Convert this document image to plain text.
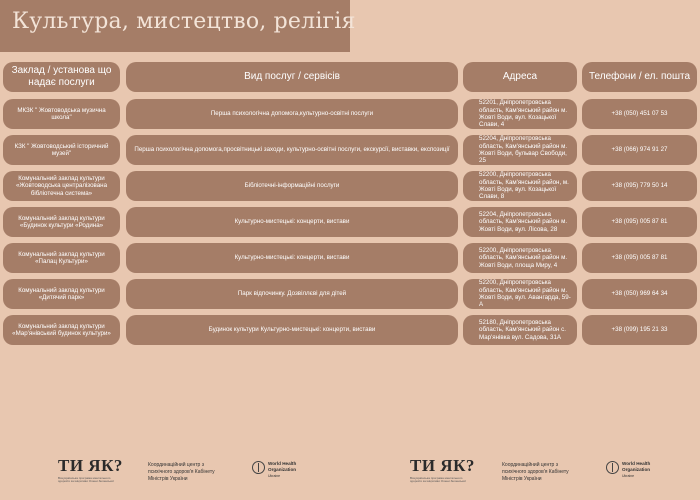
Культура, мистецтво, релігія
Заклад / установа що надає послуги
Вид послуг / сервісів	Адреса	Телефони / ел. пошта
МКЗК " Жовтоводська музична школа"
Перша психологічна допомога,культурно-освітні послуги
52201, Дніпропетровська область, Кам'янський район м. Жовті Води, вул. Козацької Слави, 4
+38 (050) 451 07 53
КЗК " Жовтоводський історичний музей"
Перша психологічна допомога,просвітницькі заходи, культурно-освітні послуги, екскурсії, виставки, експозиції
52204, Дніпропетровська область, Кам'янський район м. Жовті Води, бульвар Свободи, 25
+38 (066) 974 91 27
Комунальний заклад культури «Жовтоводська централізована бібліотечна система»
Бібліотечні-інформаційні послуги
52200, Дніпропетровська область, Кам'янський район, м. Жовті Води, вул. Козацької Слави, 8
+38 (095) 779 50 14
Комунальний заклад культури «Будинок культури «Родина»
Культурно-мистецькі: концерти, вистави
52204, Дніпропетровська область, Кам'янський район м. Жовті Води, вул. Лісова, 28
+38 (095) 005 87 81
Комунальний заклад культури «Палац Культури»
Культурно-мистецькі: концерти, вистави
52200, Дніпропетровська область, Кам'янський район м. Жовті Води, площа Миру, 4
+38 (095) 005 87 81
Комунальний заклад культури «Дитячий парк»
Парк відпочинку. Дозвіллєві для дітей
52200, Дніпропетровська область, Кам'янський район м. Жовті Води, вул. Авангарда, 59-А
+38 (050) 969 64 34
Комунальний заклад культури «Мар'янівський будинок культури»
Будинок культури Культурно-мистецькі: концерти, вистави
52180, Дніпропетровська область, Кам'янський район с. Мар'янівка вул. Садова, 31А
+38 (099) 195 21 33
ТИ ЯК?
Всеукраїнська програма ментального здоров'я за ініціативи Олени Зеленської
Координаційний центр з психічного здоров'я Кабінету Міністрів України
World Health Organization
Ukraine
ТИ ЯК?
Всеукраїнська програма ментального здоров'я за ініціативи Олени Зеленської
Координаційний центр з психічного здоров'я Кабінету Міністрів України
World Health Organization
Ukraine
